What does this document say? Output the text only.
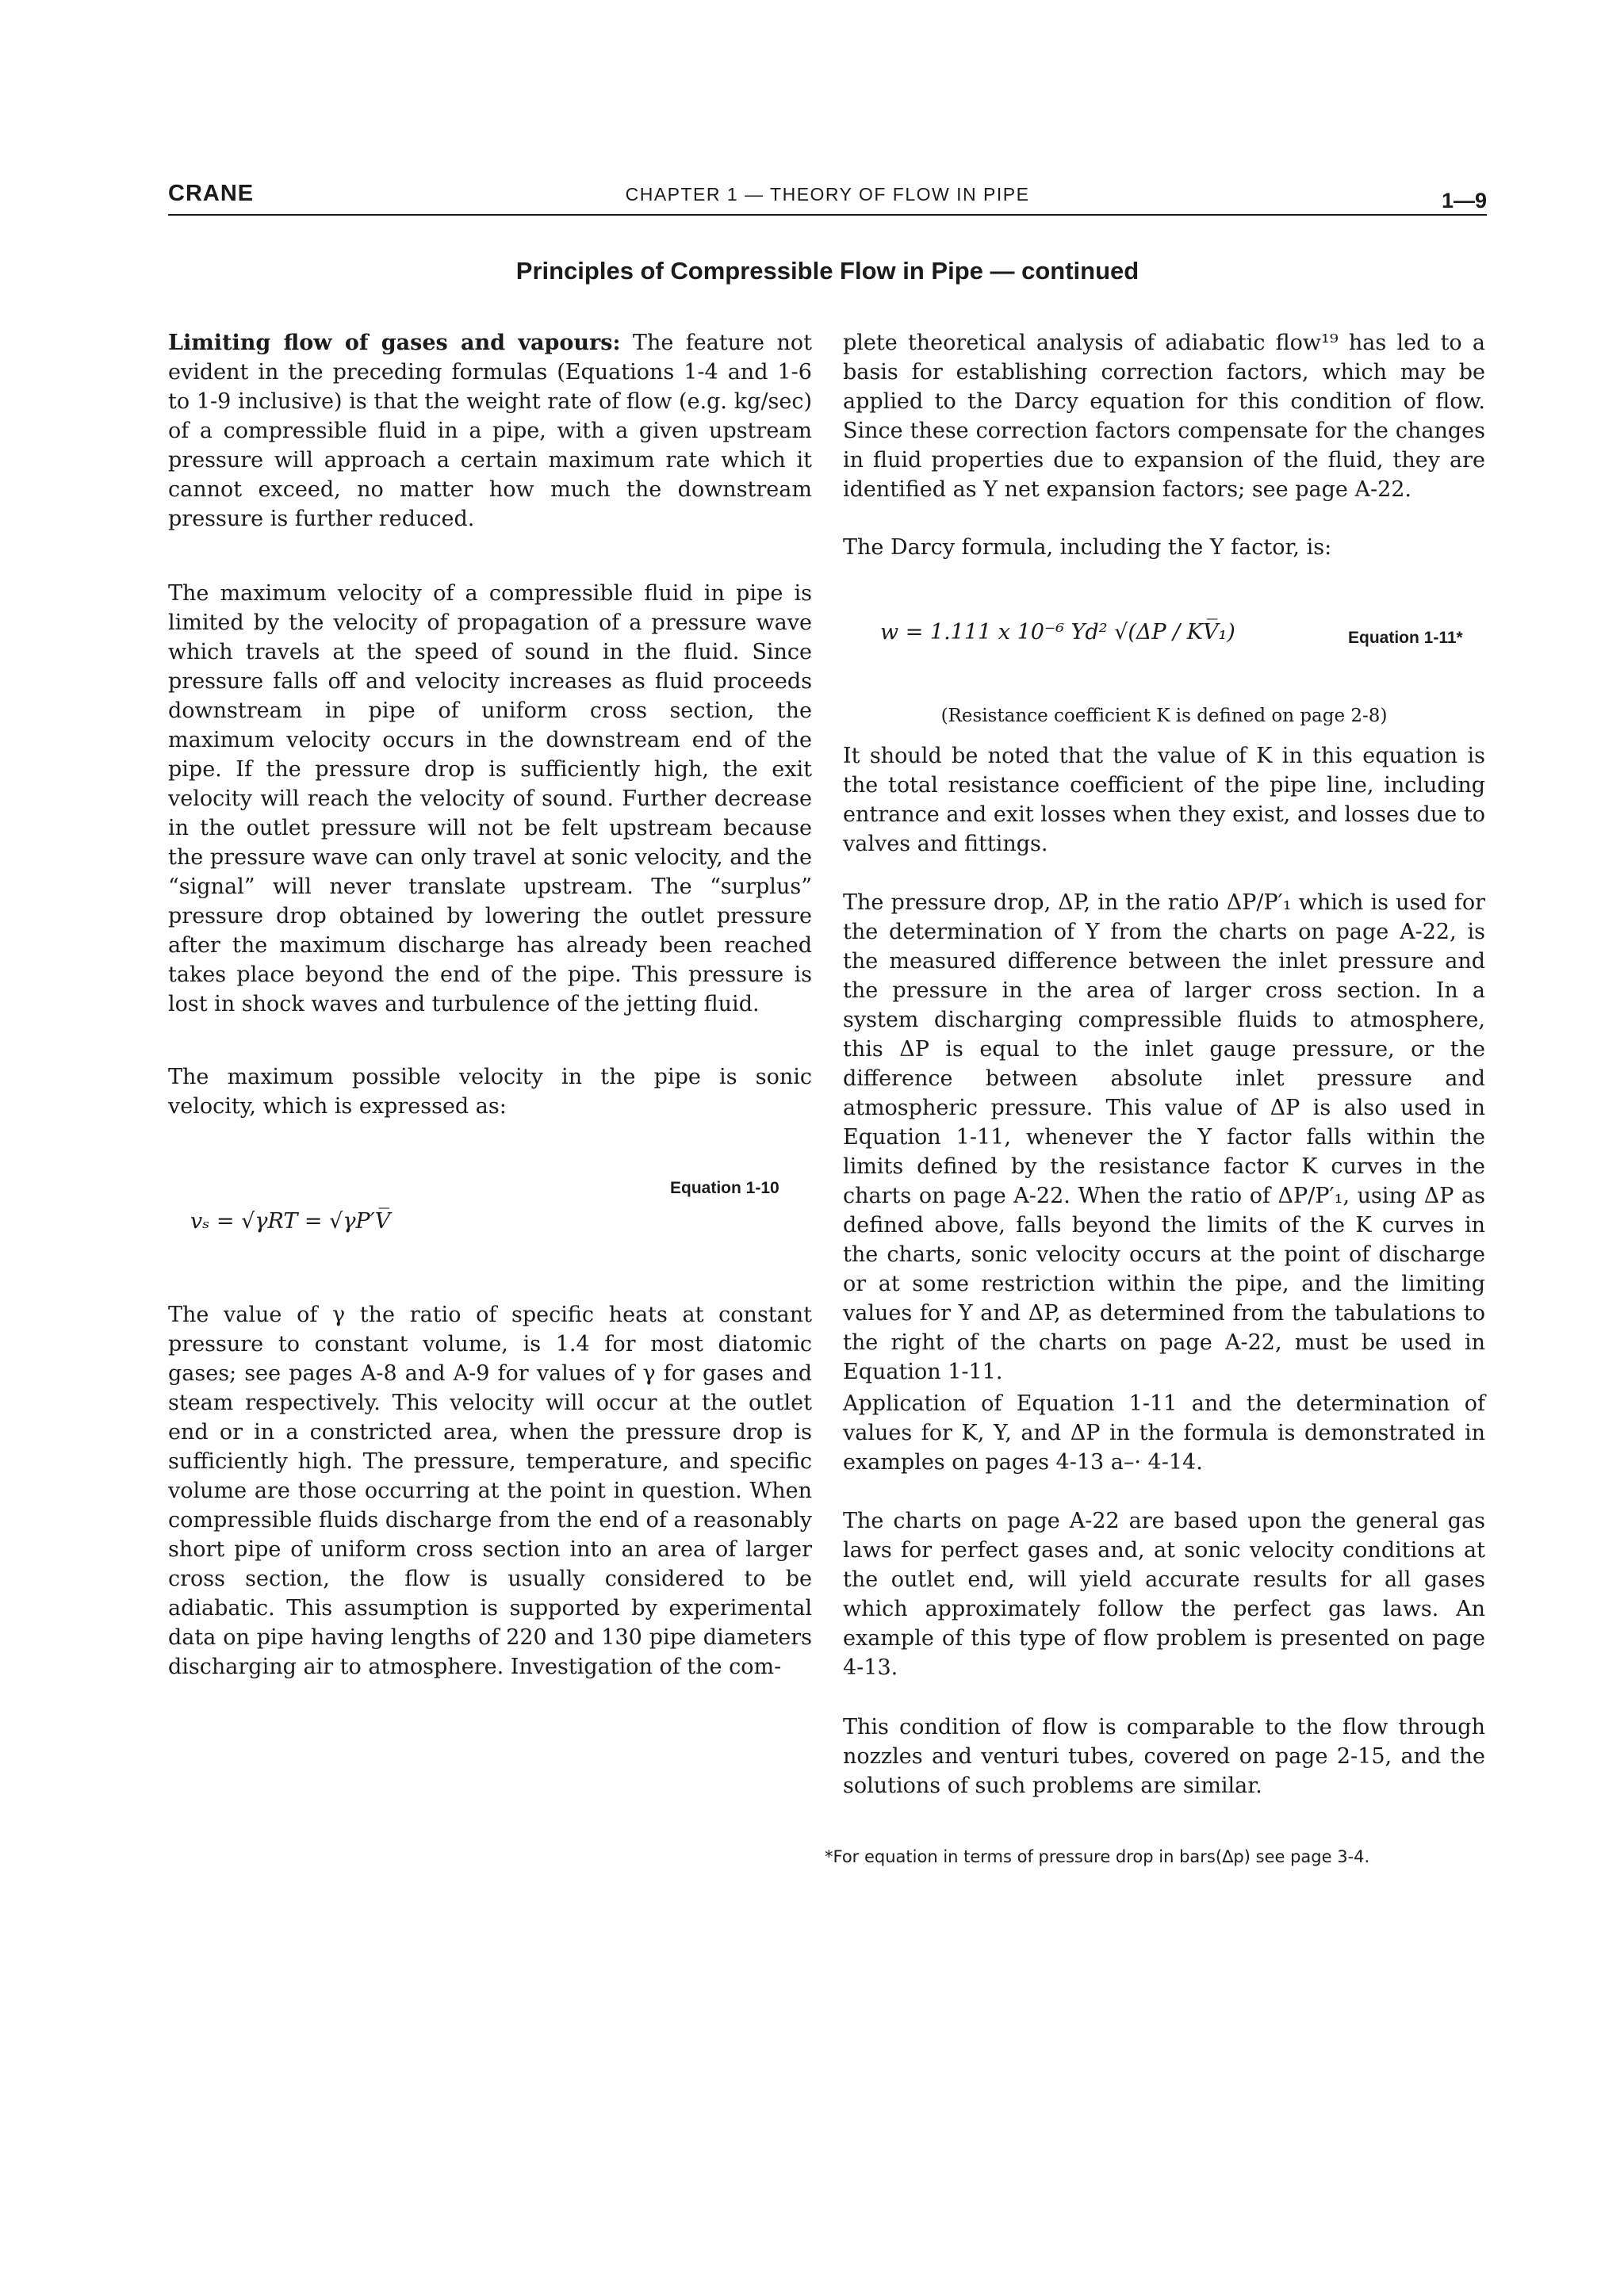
CRANE	CHAPTER 1 — THEORY OF FLOW IN PIPE	1—9
Principles of Compressible Flow in Pipe — continued

Limiting flow of gases and vapours: The feature not evident in the preceding formulas (Equations 1-4 and 1-6 to 1-9 inclusive) is that the weight rate of flow (e.g. kg/sec) of a compressible fluid in a pipe, with a given upstream pressure will approach a certain maximum rate which it cannot exceed, no matter how much the downstream pressure is further reduced.

The maximum velocity of a compressible fluid in pipe is limited by the velocity of propagation of a pressure wave which travels at the speed of sound in the fluid. Since pressure falls off and velocity increases as fluid proceeds downstream in pipe of uniform cross section, the maximum velocity occurs in the downstream end of the pipe. If the pressure drop is sufficiently high, the exit velocity will reach the velocity of sound. Further decrease in the outlet pressure will not be felt upstream because the pressure wave can only travel at sonic velocity, and the “signal” will never translate upstream. The “surplus” pressure drop obtained by lowering the outlet pressure after the maximum discharge has already been reached takes place beyond the end of the pipe. This pressure is lost in shock waves and turbulence of the jetting fluid.
The maximum possible velocity in the pipe is sonic velocity, which is expressed as:
Equation 1-10
vₛ = √γRT = √γP′V̅
The value of γ the ratio of specific heats at constant pressure to constant volume, is 1.4 for most diatomic gases; see pages A-8 and A-9 for values of γ for gases and steam respectively. This velocity will occur at the outlet end or in a constricted area, when the pressure drop is sufficiently high. The pressure, temperature, and specific volume are those occurring at the point in question. When compressible fluids discharge from the end of a reasonably short pipe of uniform cross section into an area of larger cross section, the flow is usually considered to be adiabatic. This assumption is supported by experimental data on pipe having lengths of 220 and 130 pipe diameters discharging air to atmosphere. Investigation of the com-
plete theoretical analysis of adiabatic flow¹⁹ has led to a basis for establishing correction factors, which may be applied to the Darcy equation for this condition of flow. Since these correction factors compensate for the changes in fluid properties due to expansion of the fluid, they are identified as Y net expansion factors; see page A-22.
The Darcy formula, including the Y factor, is:
w = 1.111 x 10⁻⁶ Yd² √(ΔP / KV̅₁)	Equation 1-11*
(Resistance coefficient K is defined on page 2-8)
It should be noted that the value of K in this equation is the total resistance coefficient of the pipe line, including entrance and exit losses when they exist, and losses due to valves and fittings.
The pressure drop, ΔP, in the ratio ΔP/P′₁ which is used for the determination of Y from the charts on page A-22, is the measured difference between the inlet pressure and the pressure in the area of larger cross section. In a system discharging compressible fluids to atmosphere, this ΔP is equal to the inlet gauge pressure, or the difference between absolute inlet pressure and atmospheric pressure. This value of ΔP is also used in Equation 1-11, whenever the Y factor falls within the limits defined by the resistance factor K curves in the charts on page A-22. When the ratio of ΔP/P′₁, using ΔP as defined above, falls beyond the limits of the K curves in the charts, sonic velocity occurs at the point of discharge or at some restriction within the pipe, and the limiting values for Y and ΔP, as determined from the tabulations to the right of the charts on page A-22, must be used in Equation 1-11.
Application of Equation 1-11 and the determination of values for K, Y, and ΔP in the formula is demonstrated in examples on pages 4-13 a–· 4-14.
The charts on page A-22 are based upon the general gas laws for perfect gases and, at sonic velocity conditions at the outlet end, will yield accurate results for all gases which approximately follow the perfect gas laws. An example of this type of flow problem is presented on page 4-13.
This condition of flow is comparable to the flow through nozzles and venturi tubes, covered on page 2-15, and the solutions of such problems are similar.
*For equation in terms of pressure drop in bars(Δp) see page 3-4.
